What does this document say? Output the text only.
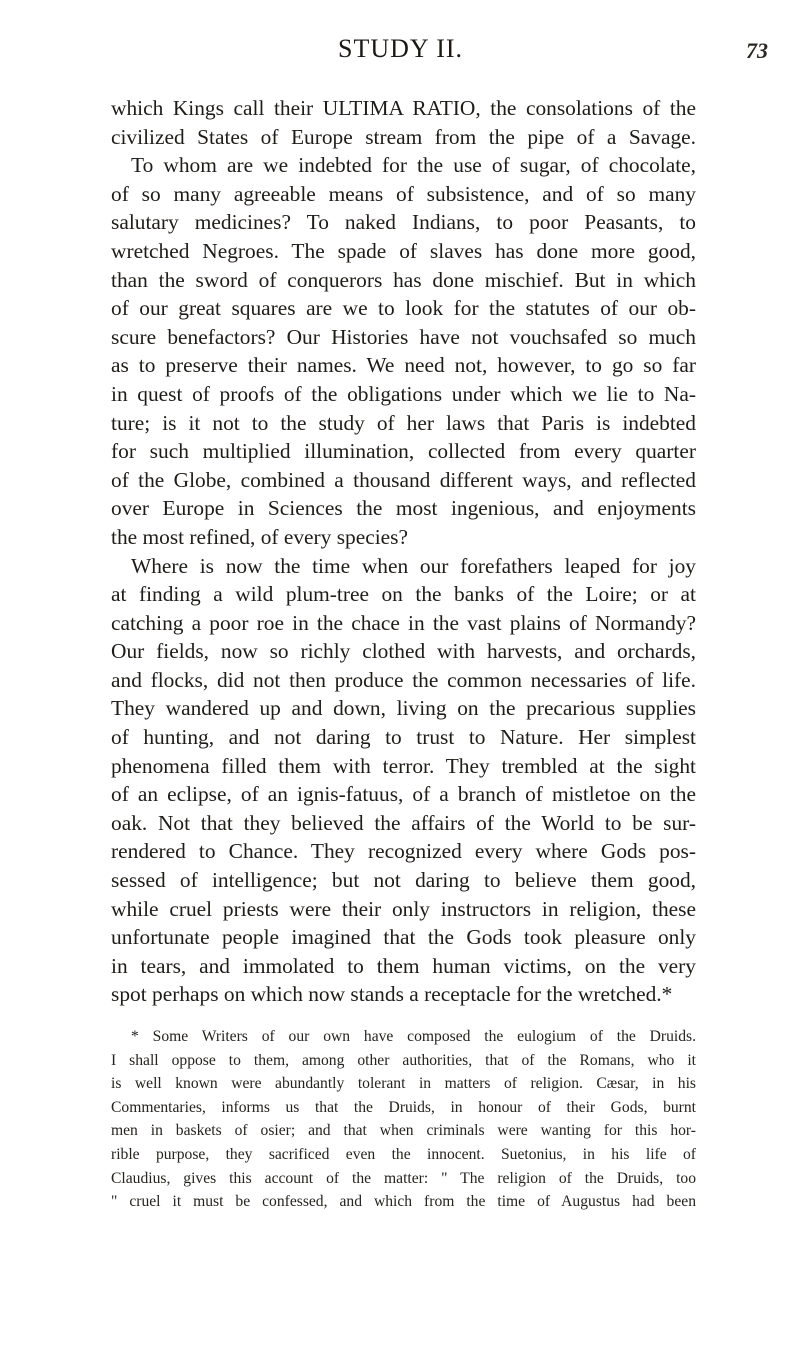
STUDY II.	73
which Kings call their ULTIMA RATIO, the consolations of the
civilized States of Europe stream from the pipe of a Savage.
To whom are we indebted for the use of sugar, of chocolate,
of so many agreeable means of subsistence, and of so many
salutary medicines? To naked Indians, to poor Peasants, to
wretched Negroes. The spade of slaves has done more good,
than the sword of conquerors has done mischief. But in which
of our great squares are we to look for the statutes of our ob-
scure benefactors? Our Histories have not vouchsafed so much
as to preserve their names. We need not, however, to go so far
in quest of proofs of the obligations under which we lie to Na-
ture; is it not to the study of her laws that Paris is indebted
for such multiplied illumination, collected from every quarter
of the Globe, combined a thousand different ways, and reflected
over Europe in Sciences the most ingenious, and enjoyments
the most refined, of every species?
Where is now the time when our forefathers leaped for joy
at finding a wild plum-tree on the banks of the Loire; or at
catching a poor roe in the chace in the vast plains of Normandy?
Our fields, now so richly clothed with harvests, and orchards,
and flocks, did not then produce the common necessaries of life.
They wandered up and down, living on the precarious supplies
of hunting, and not daring to trust to Nature. Her simplest
phenomena filled them with terror. They trembled at the sight
of an eclipse, of an ignis-fatuus, of a branch of mistletoe on the
oak. Not that they believed the affairs of the World to be sur-
rendered to Chance. They recognized every where Gods pos-
sessed of intelligence; but not daring to believe them good,
while cruel priests were their only instructors in religion, these
unfortunate people imagined that the Gods took pleasure only
in tears, and immolated to them human victims, on the very
spot perhaps on which now stands a receptacle for the wretched.*
* Some Writers of our own have composed the eulogium of the Druids.
I shall oppose to them, among other authorities, that of the Romans, who it
is well known were abundantly tolerant in matters of religion. Cæsar, in his
Commentaries, informs us that the Druids, in honour of their Gods, burnt
men in baskets of osier; and that when criminals were wanting for this hor-
rible purpose, they sacrificed even the innocent. Suetonius, in his life of
Claudius, gives this account of the matter: " The religion of the Druids, too
" cruel it must be confessed, and which from the time of Augustus had been
